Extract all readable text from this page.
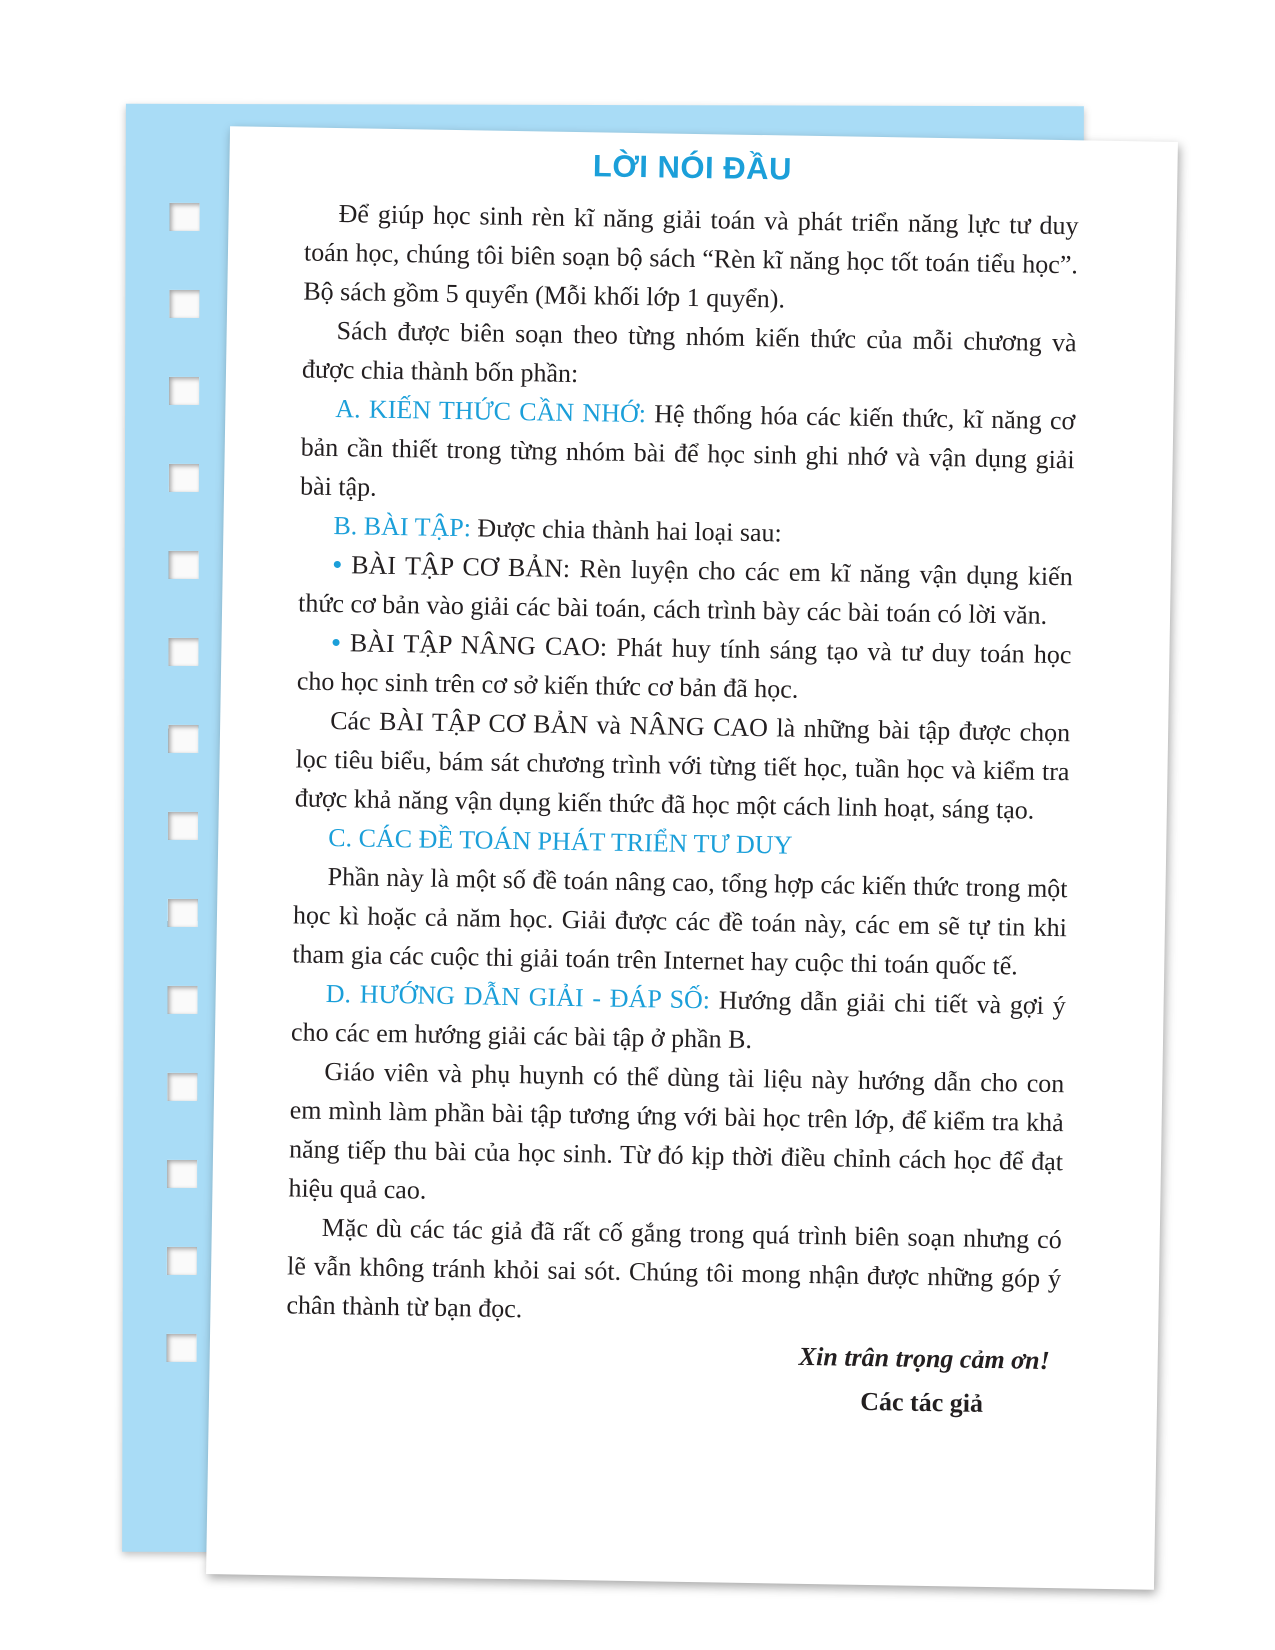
LỜI NÓI ĐẦU

Để giúp học sinh rèn kĩ năng giải toán và phát triển năng lực tư duy toán học, chúng tôi biên soạn bộ sách “Rèn kĩ năng học tốt toán tiểu học”. Bộ sách gồm 5 quyển (Mỗi khối lớp 1 quyển).

Sách được biên soạn theo từng nhóm kiến thức của mỗi chương và được chia thành bốn phần:

A. KIẾN THỨC CẦN NHỚ: Hệ thống hóa các kiến thức, kĩ năng cơ bản cần thiết trong từng nhóm bài để học sinh ghi nhớ và vận dụng giải bài tập.

B. BÀI TẬP: Được chia thành hai loại sau:

• BÀI TẬP CƠ BẢN: Rèn luyện cho các em kĩ năng vận dụng kiến thức cơ bản vào giải các bài toán, cách trình bày các bài toán có lời văn.

• BÀI TẬP NÂNG CAO: Phát huy tính sáng tạo và tư duy toán học cho học sinh trên cơ sở kiến thức cơ bản đã học.

Các BÀI TẬP CƠ BẢN và NÂNG CAO là những bài tập được chọn lọc tiêu biểu, bám sát chương trình với từng tiết học, tuần học và kiểm tra được khả năng vận dụng kiến thức đã học một cách linh hoạt, sáng tạo.

C. CÁC ĐỀ TOÁN PHÁT TRIỂN TƯ DUY

Phần này là một số đề toán nâng cao, tổng hợp các kiến thức trong một học kì hoặc cả năm học. Giải được các đề toán này, các em sẽ tự tin khi tham gia các cuộc thi giải toán trên Internet hay cuộc thi toán quốc tế.

D. HƯỚNG DẪN GIẢI - ĐÁP SỐ: Hướng dẫn giải chi tiết và gợi ý cho các em hướng giải các bài tập ở phần B.

Giáo viên và phụ huynh có thể dùng tài liệu này hướng dẫn cho con em mình làm phần bài tập tương ứng với bài học trên lớp, để kiểm tra khả năng tiếp thu bài của học sinh. Từ đó kịp thời điều chỉnh cách học để đạt hiệu quả cao.

Mặc dù các tác giả đã rất cố gắng trong quá trình biên soạn nhưng có lẽ vẫn không tránh khỏi sai sót. Chúng tôi mong nhận được những góp ý chân thành từ bạn đọc.

Xin trân trọng cảm ơn!
Các tác giả
